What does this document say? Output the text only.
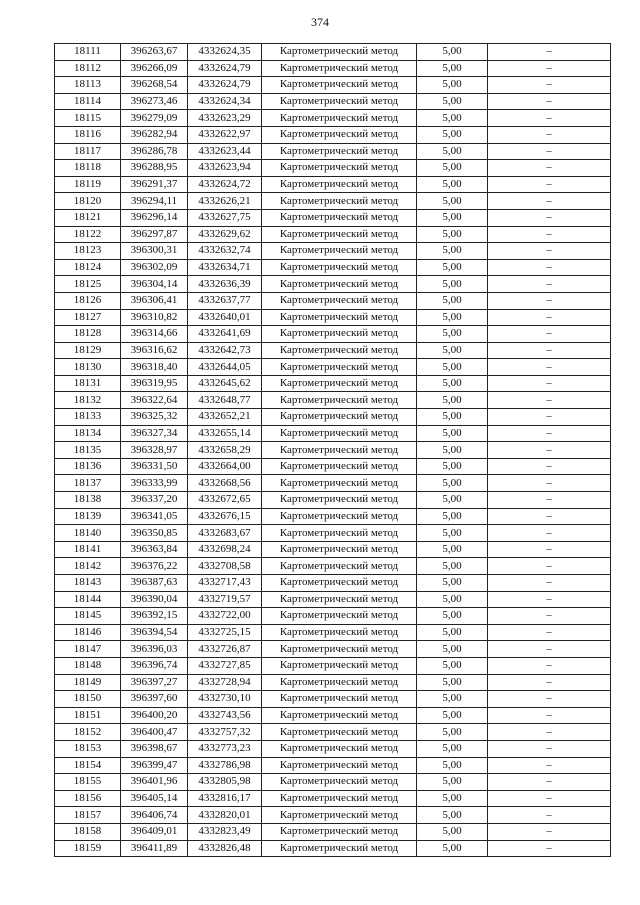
374
18111	396263,67	4332624,35	Картометрический метод	5,00	–
18112	396266,09	4332624,79	Картометрический метод	5,00	–
18113	396268,54	4332624,79	Картометрический метод	5,00	–
18114	396273,46	4332624,34	Картометрический метод	5,00	–
18115	396279,09	4332623,29	Картометрический метод	5,00	–
18116	396282,94	4332622,97	Картометрический метод	5,00	–
18117	396286,78	4332623,44	Картометрический метод	5,00	–
18118	396288,95	4332623,94	Картометрический метод	5,00	–
18119	396291,37	4332624,72	Картометрический метод	5,00	–
18120	396294,11	4332626,21	Картометрический метод	5,00	–
18121	396296,14	4332627,75	Картометрический метод	5,00	–
18122	396297,87	4332629,62	Картометрический метод	5,00	–
18123	396300,31	4332632,74	Картометрический метод	5,00	–
18124	396302,09	4332634,71	Картометрический метод	5,00	–
18125	396304,14	4332636,39	Картометрический метод	5,00	–
18126	396306,41	4332637,77	Картометрический метод	5,00	–
18127	396310,82	4332640,01	Картометрический метод	5,00	–
18128	396314,66	4332641,69	Картометрический метод	5,00	–
18129	396316,62	4332642,73	Картометрический метод	5,00	–
18130	396318,40	4332644,05	Картометрический метод	5,00	–
18131	396319,95	4332645,62	Картометрический метод	5,00	–
18132	396322,64	4332648,77	Картометрический метод	5,00	–
18133	396325,32	4332652,21	Картометрический метод	5,00	–
18134	396327,34	4332655,14	Картометрический метод	5,00	–
18135	396328,97	4332658,29	Картометрический метод	5,00	–
18136	396331,50	4332664,00	Картометрический метод	5,00	–
18137	396333,99	4332668,56	Картометрический метод	5,00	–
18138	396337,20	4332672,65	Картометрический метод	5,00	–
18139	396341,05	4332676,15	Картометрический метод	5,00	–
18140	396350,85	4332683,67	Картометрический метод	5,00	–
18141	396363,84	4332698,24	Картометрический метод	5,00	–
18142	396376,22	4332708,58	Картометрический метод	5,00	–
18143	396387,63	4332717,43	Картометрический метод	5,00	–
18144	396390,04	4332719,57	Картометрический метод	5,00	–
18145	396392,15	4332722,00	Картометрический метод	5,00	–
18146	396394,54	4332725,15	Картометрический метод	5,00	–
18147	396396,03	4332726,87	Картометрический метод	5,00	–
18148	396396,74	4332727,85	Картометрический метод	5,00	–
18149	396397,27	4332728,94	Картометрический метод	5,00	–
18150	396397,60	4332730,10	Картометрический метод	5,00	–
18151	396400,20	4332743,56	Картометрический метод	5,00	–
18152	396400,47	4332757,32	Картометрический метод	5,00	–
18153	396398,67	4332773,23	Картометрический метод	5,00	–
18154	396399,47	4332786,98	Картометрический метод	5,00	–
18155	396401,96	4332805,98	Картометрический метод	5,00	–
18156	396405,14	4332816,17	Картометрический метод	5,00	–
18157	396406,74	4332820,01	Картометрический метод	5,00	–
18158	396409,01	4332823,49	Картометрический метод	5,00	–
18159	396411,89	4332826,48	Картометрический метод	5,00	–
